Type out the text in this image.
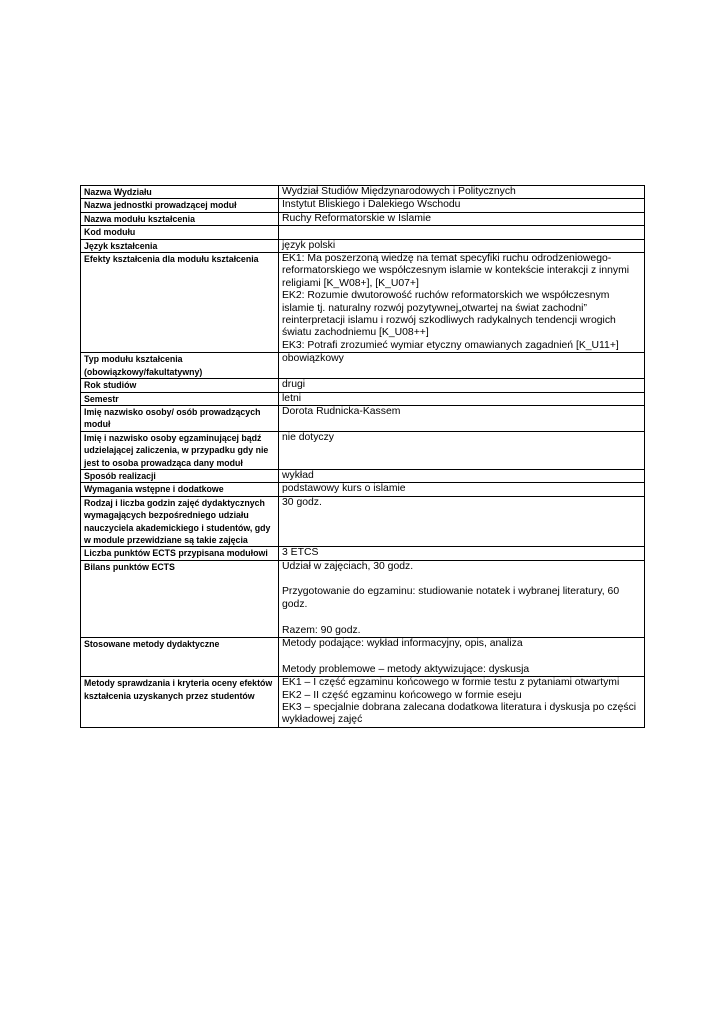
Nazwa Wydziału	Wydział Studiów Międzynarodowych i Politycznych

Nazwa jednostki prowadzącej moduł	Instytut Bliskiego i Dalekiego Wschodu

Nazwa modułu kształcenia	Ruchy Reformatorskie w Islamie

Kod modułu	

Język kształcenia	język polski

Efekty kształcenia dla modułu kształcenia	EK1: Ma poszerzoną wiedzę na temat specyfiki ruchu odrodzeniowego-reformatorskiego we współczesnym islamie w kontekście interakcji z innymi religiami [K_W08+], [K_U07+]
EK2: Rozumie dwutorowość ruchów reformatorskich we współczesnym islamie tj. naturalny rozwój pozytywnej„otwartej na świat zachodni” reinterpretacji islamu i rozwój szkodliwych radykalnych tendencji wrogich światu zachodniemu [K_U08++]
EK3: Potrafi zrozumieć wymiar etyczny omawianych zagadnień [K_U11+]

Typ modułu kształcenia (obowiązkowy/fakultatywny)	obowiązkowy

Rok studiów	drugi

Semestr	letni

Imię nazwisko osoby/ osób prowadzących moduł	Dorota Rudnicka-Kassem

Imię i nazwisko osoby egzaminującej bądź udzielającej zaliczenia, w przypadku gdy nie jest to osoba prowadząca dany moduł	nie dotyczy

Sposób realizacji	wykład

Wymagania wstępne i dodatkowe	podstawowy kurs o islamie

Rodzaj i liczba godzin zajęć dydaktycznych wymagających bezpośredniego udziału nauczyciela akademickiego i studentów, gdy w module przewidziane są takie zajęcia	30 godz.

Liczba punktów ECTS przypisana modułowi	3 ETCS

Bilans punktów ECTS	Udział w zajęciach, 30 godz.
Przygotowanie do egzaminu: studiowanie notatek i wybranej literatury, 60 godz.
Razem: 90 godz.

Stosowane metody dydaktyczne	Metody podające: wykład informacyjny, opis, analiza
Metody problemowe – metody aktywizujące: dyskusja

Metody sprawdzania i kryteria oceny efektów kształcenia uzyskanych przez studentów	EK1 – I część egzaminu końcowego w formie testu z pytaniami otwartymi
EK2 – II część egzaminu końcowego w formie eseju
EK3 – specjalnie dobrana zalecana dodatkowa literatura i dyskusja po części wykładowej zajęć
